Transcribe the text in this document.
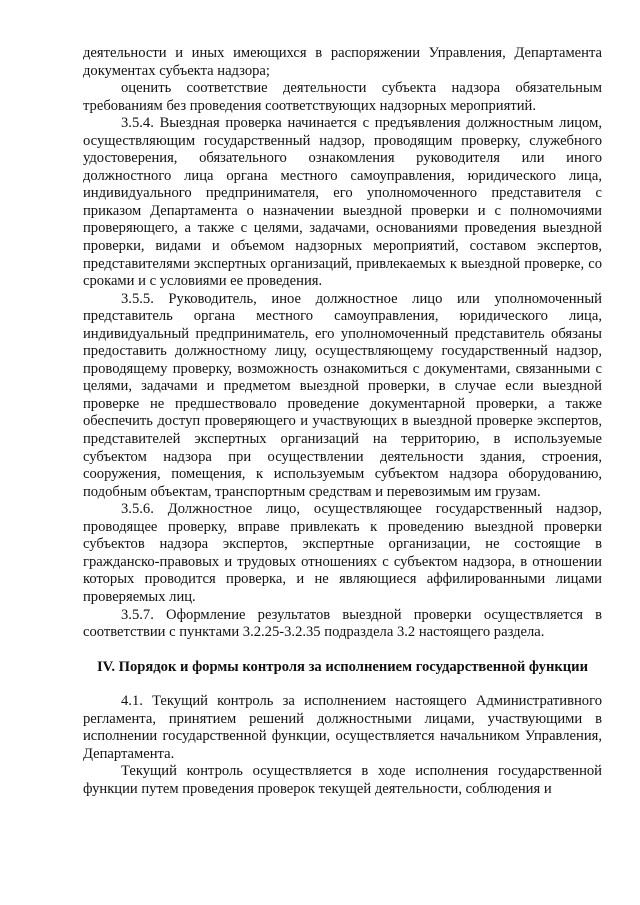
деятельности и иных имеющихся в распоряжении Управления, Департамента документах субъекта надзора;

оценить соответствие деятельности субъекта надзора обязательным требованиям без проведения соответствующих надзорных мероприятий.

3.5.4. Выездная проверка начинается с предъявления должностным лицом, осуществляющим государственный надзор, проводящим проверку, служебного удостоверения, обязательного ознакомления руководителя или иного должностного лица органа местного самоуправления, юридического лица, индивидуального предпринимателя, его уполномоченного представителя с приказом Департамента о назначении выездной проверки и с полномочиями проверяющего, а также с целями, задачами, основаниями проведения выездной проверки, видами и объемом надзорных мероприятий, составом экспертов, представителями экспертных организаций, привлекаемых к выездной проверке, со сроками и с условиями ее проведения.

3.5.5. Руководитель, иное должностное лицо или уполномоченный представитель органа местного самоуправления, юридического лица, индивидуальный предприниматель, его уполномоченный представитель обязаны предоставить должностному лицу, осуществляющему государственный надзор, проводящему проверку, возможность ознакомиться с документами, связанными с целями, задачами и предметом выездной проверки, в случае если выездной проверке не предшествовало проведение документарной проверки, а также обеспечить доступ проверяющего и участвующих в выездной проверке экспертов, представителей экспертных организаций на территорию, в используемые субъектом надзора при осуществлении деятельности здания, строения, сооружения, помещения, к используемым субъектом надзора оборудованию, подобным объектам, транспортным средствам и перевозимым им грузам.

3.5.6. Должностное лицо, осуществляющее государственный надзор, проводящее проверку, вправе привлекать к проведению выездной проверки субъектов надзора экспертов, экспертные организации, не состоящие в гражданско-правовых и трудовых отношениях с субъектом надзора, в отношении которых проводится проверка, и не являющиеся аффилированными лицами проверяемых лиц.

3.5.7. Оформление результатов выездной проверки осуществляется в соответствии с пунктами 3.2.25-3.2.35 подраздела 3.2 настоящего раздела.

IV. Порядок и формы контроля за исполнением государственной функции

4.1. Текущий контроль за исполнением настоящего Административного регламента, принятием решений должностными лицами, участвующими в исполнении государственной функции, осуществляется начальником Управления, Департамента.

Текущий контроль осуществляется в ходе исполнения государственной функции путем проведения проверок текущей деятельности, соблюдения и
